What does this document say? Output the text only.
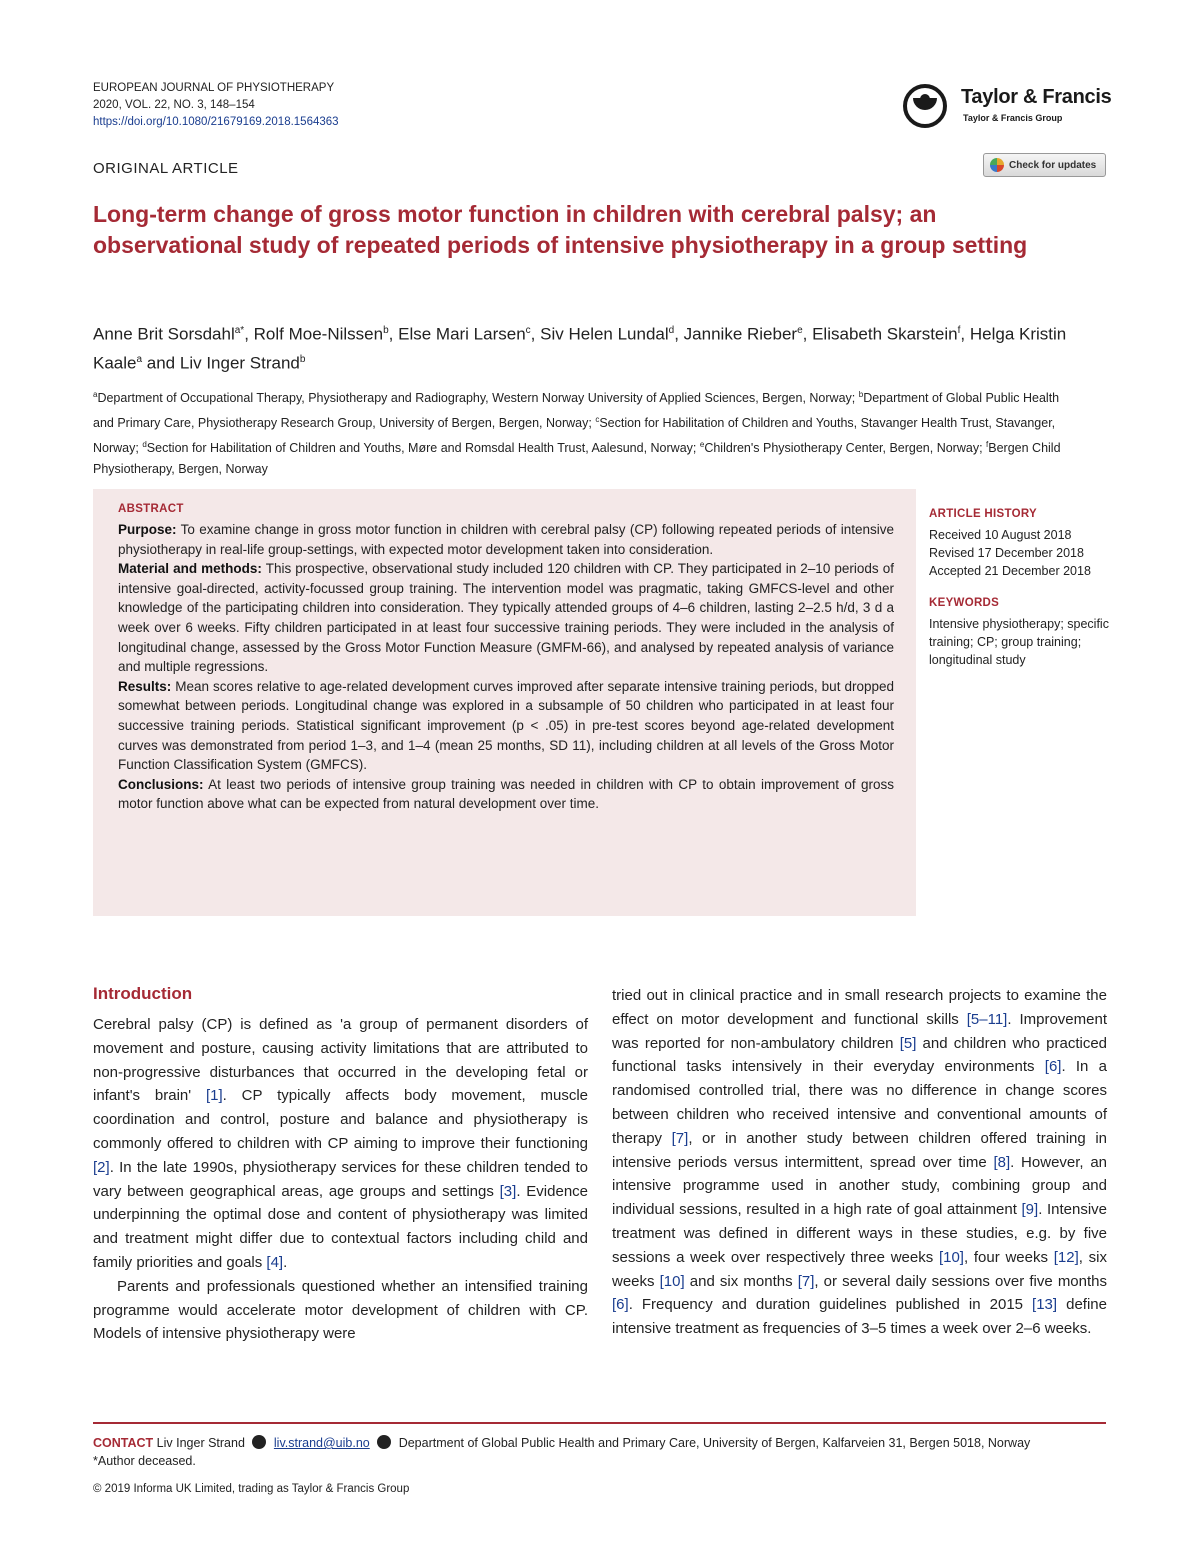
EUROPEAN JOURNAL OF PHYSIOTHERAPY
2020, VOL. 22, NO. 3, 148–154
https://doi.org/10.1080/21679169.2018.1564363
Taylor & Francis
Taylor & Francis Group
ORIGINAL ARTICLE	Check for updates
Long-term change of gross motor function in children with cerebral palsy; an observational study of repeated periods of intensive physiotherapy in a group setting
Anne Brit Sorsdahl$^{a*}$, Rolf Moe-Nilssen$^b$, Else Mari Larsen$^c$, Siv Helen Lundal$^d$, Jannike Rieber$^e$, Elisabeth Skarstein$^f$, Helga Kristin Kaale$^a$ and Liv Inger Strand$^b$
$^a$Department of Occupational Therapy, Physiotherapy and Radiography, Western Norway University of Applied Sciences, Bergen, Norway; $^b$Department of Global Public Health and Primary Care, Physiotherapy Research Group, University of Bergen, Bergen, Norway; $^c$Section for Habilitation of Children and Youths, Stavanger Health Trust, Stavanger, Norway; $^d$Section for Habilitation of Children and Youths, Møre and Romsdal Health Trust, Aalesund, Norway; $^e$Children's Physiotherapy Center, Bergen, Norway; $^f$Bergen Child Physiotherapy, Bergen, Norway
ABSTRACT

Purpose: To examine change in gross motor function in children with cerebral palsy (CP) following repeated periods of intensive physiotherapy in real-life group-settings, with expected motor development taken into consideration.

Material and methods: This prospective, observational study included 120 children with CP. They participated in 2–10 periods of intensive goal-directed, activity-focussed group training. The intervention model was pragmatic, taking GMFCS-level and other knowledge of the participating children into consideration. They typically attended groups of 4–6 children, lasting 2–2.5 h/d, 3 d a week over 6 weeks. Fifty children participated in at least four successive training periods. They were included in the analysis of longitudinal change, assessed by the Gross Motor Function Measure (GMFM-66), and analysed by repeated analysis of variance and multiple regressions.

Results: Mean scores relative to age-related development curves improved after separate intensive training periods, but dropped somewhat between periods. Longitudinal change was explored in a subsample of 50 children who participated in at least four successive training periods. Statistical significant improvement (p < .05) in pre-test scores beyond age-related development curves was demonstrated from period 1–3, and 1–4 (mean 25 months, SD 11), including children at all levels of the Gross Motor Function Classification System (GMFCS).

Conclusions: At least two periods of intensive group training was needed in children with CP to obtain improvement of gross motor function above what can be expected from natural development over time.

ARTICLE HISTORY
Received 10 August 2018
Revised 17 December 2018
Accepted 21 December 2018
KEYWORDS
Intensive physiotherapy; specific training; CP; group training; longitudinal study
Introduction

Cerebral palsy (CP) is defined as 'a group of permanent disorders of movement and posture, causing activity limitations that are attributed to non-progressive disturbances that occurred in the developing fetal or infant's brain' [1]. CP typically affects body movement, muscle coordination and control, posture and balance and physiotherapy is commonly offered to children with CP aiming to improve their functioning [2]. In the late 1990s, physiotherapy services for these children tended to vary between geographical areas, age groups and settings [3]. Evidence underpinning the optimal dose and content of physiotherapy was limited and treatment might differ due to contextual factors including child and family priorities and goals [4].

Parents and professionals questioned whether an intensified training programme would accelerate motor development of children with CP. Models of intensive physiotherapy were

tried out in clinical practice and in small research projects to examine the effect on motor development and functional skills [5–11]. Improvement was reported for non-ambulatory children [5] and children who practiced functional tasks intensively in their everyday environments [6]. In a randomised controlled trial, there was no difference in change scores between children who received intensive and conventional amounts of therapy [7], or in another study between children offered training in intensive periods versus intermittent, spread over time [8]. However, an intensive programme used in another study, combining group and individual sessions, resulted in a high rate of goal attainment [9]. Intensive treatment was defined in different ways in these studies, e.g. by five sessions a week over respectively three weeks [10], four weeks [12], six weeks [10] and six months [7], or several daily sessions over five months [6]. Frequency and duration guidelines published in 2015 [13] define intensive treatment as frequencies of 3–5 times a week over 2–6 weeks.

CONTACT Liv Inger Strand liv.strand@uib.no Department of Global Public Health and Primary Care, University of Bergen, Kalfarveien 31, Bergen 5018, Norway
*Author deceased.
© 2019 Informa UK Limited, trading as Taylor & Francis Group
